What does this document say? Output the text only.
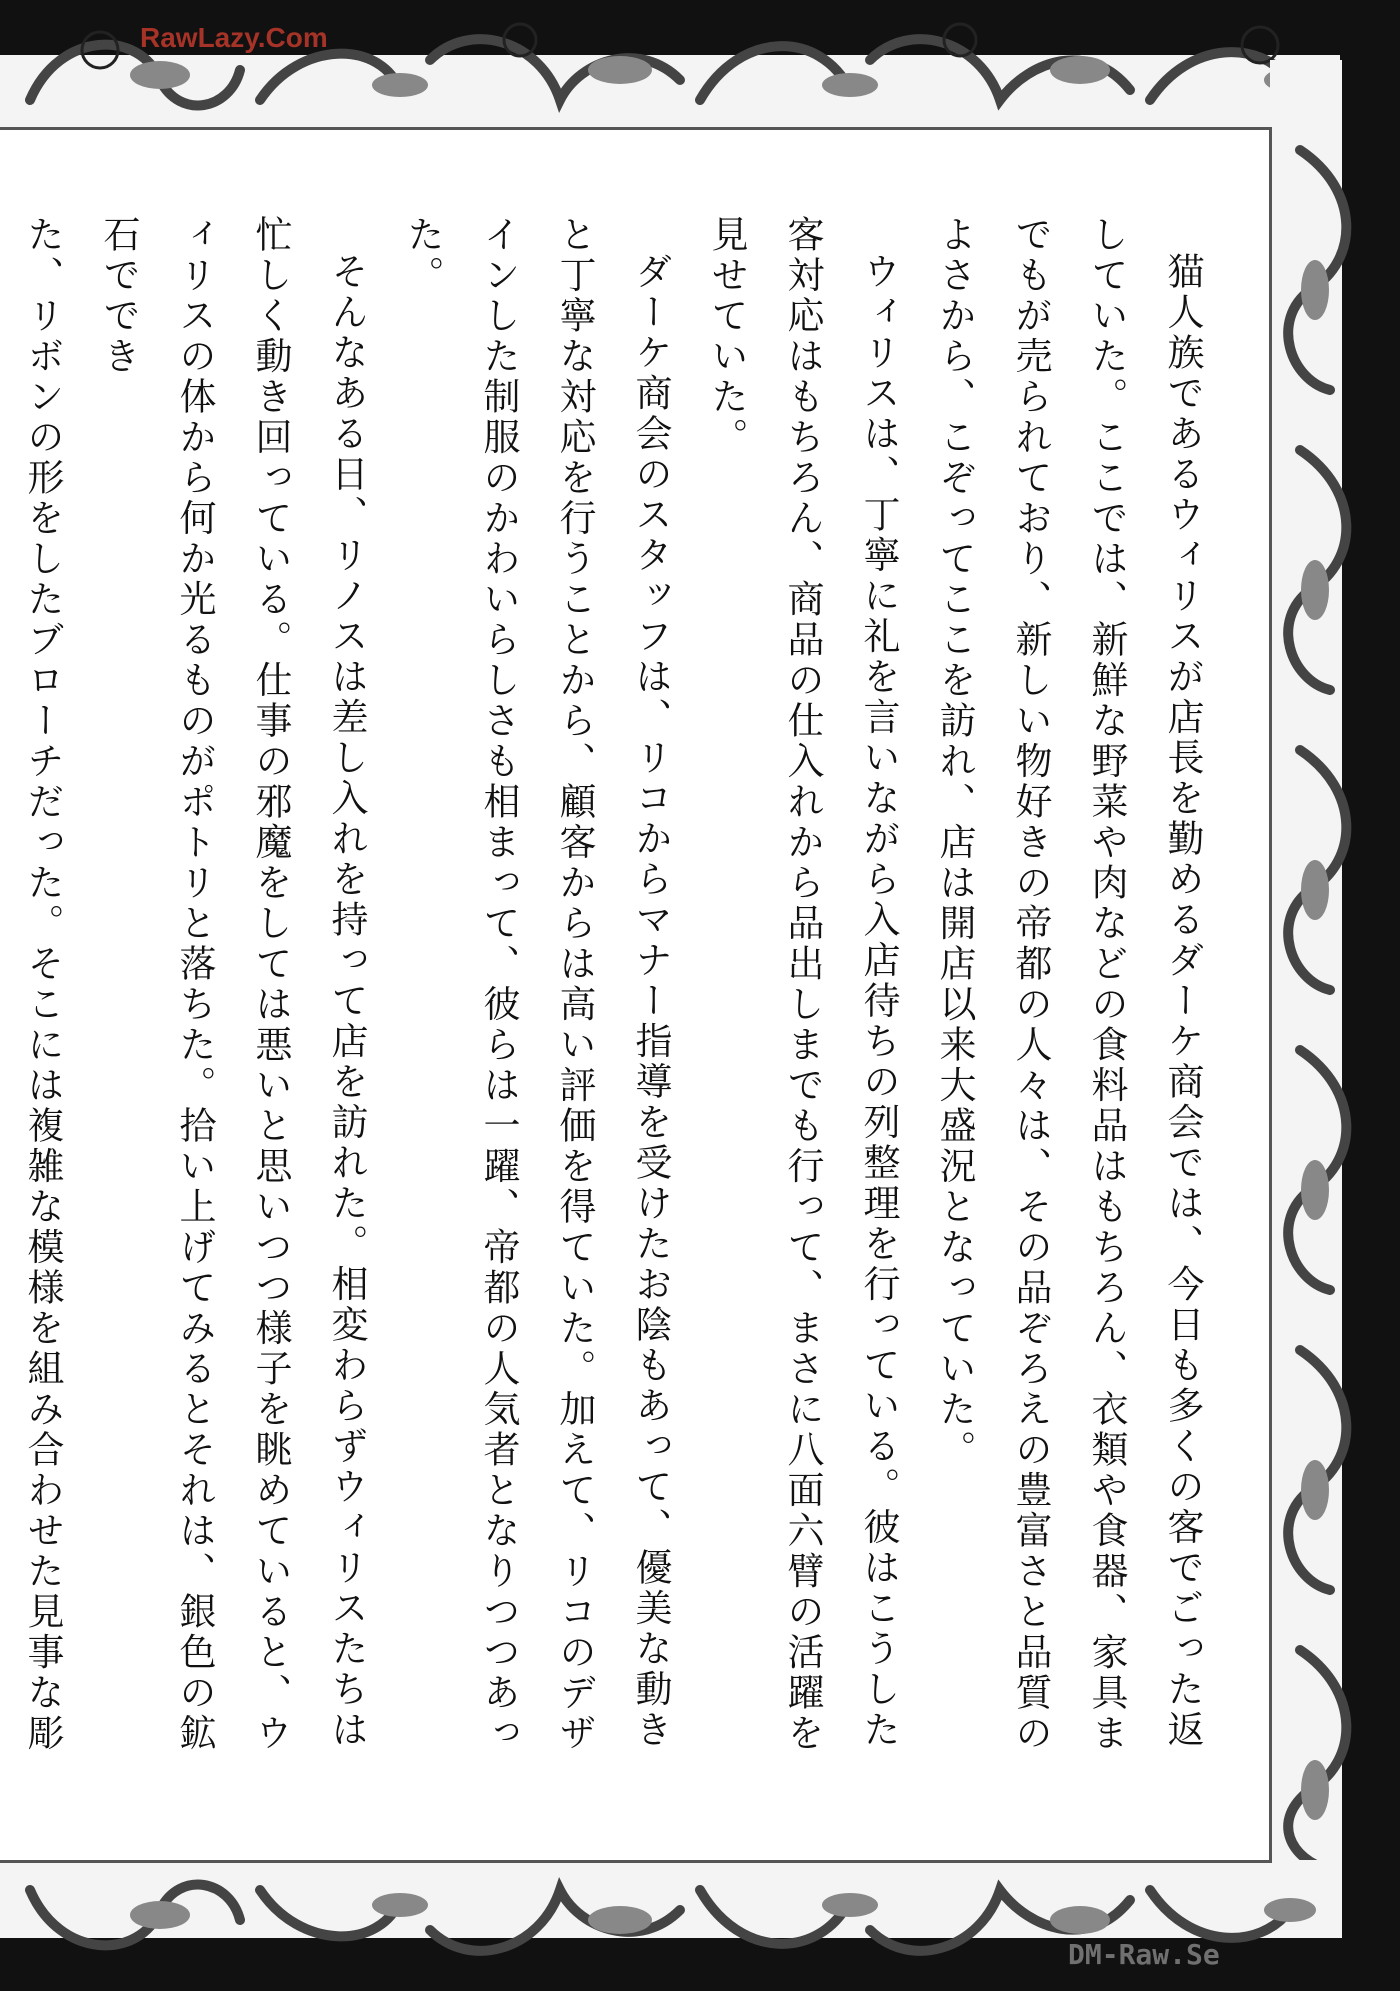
猫人族であるウィリスが店長を勤めるダーケ商会では、今日も多くの客でごった返していた。ここでは、新鮮な野菜や肉などの食料品はもちろん、衣類や食器、家具までもが売られており、新しい物好きの帝都の人々は、その品ぞろえの豊富さと品質のよさから、こぞってここを訪れ、店は開店以来大盛況となっていた。

ウィリスは、丁寧に礼を言いながら入店待ちの列整理を行っている。彼はこうした客対応はもちろん、商品の仕入れから品出しまでも行って、まさに八面六臂の活躍を見せていた。

ダーケ商会のスタッフは、リコからマナー指導を受けたお陰もあって、優美な動きと丁寧な対応を行うことから、顧客からは高い評価を得ていた。加えて、リコのデザインした制服のかわいらしさも相まって、彼らは一躍、帝都の人気者となりつつあった。

そんなある日、リノスは差し入れを持って店を訪れた。相変わらずウィリスたちは忙しく動き回っている。仕事の邪魔をしては悪いと思いつつ様子を眺めていると、ウィリスの体から何か光るものがポトリと落ちた。拾い上げてみるとそれは、銀色の鉱石ででき

た、リボンの形をしたブローチだった。そこには複雑な模様を組み合わせた見事な彫

RawLazy.Com
DM-Raw.Se
